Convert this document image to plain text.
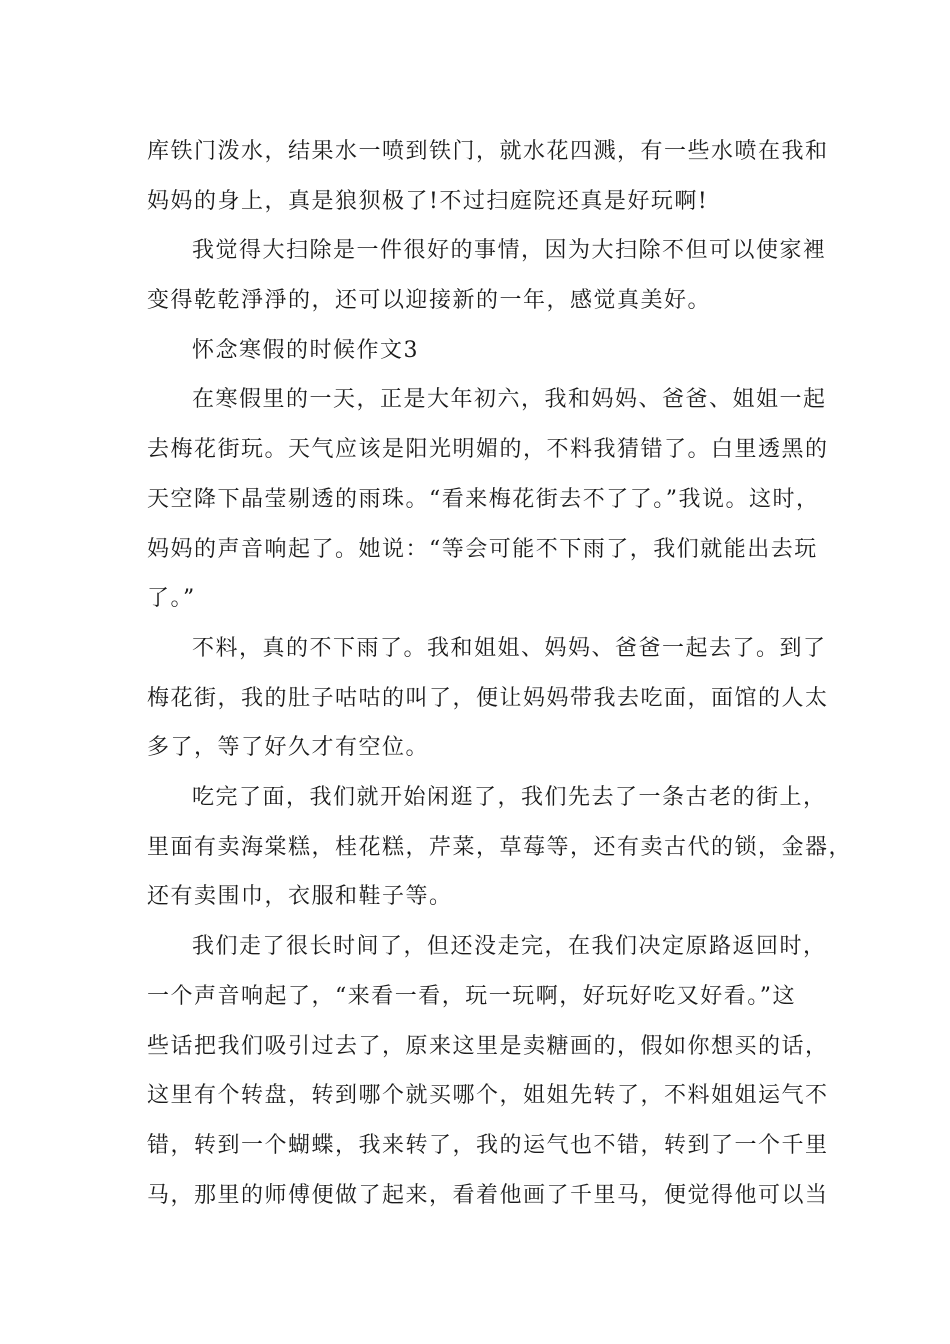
库铁门泼水，结果水一喷到铁门，就水花四溅，有一些水喷在我和
妈妈的身上，真是狼狈极了!不过扫庭院还真是好玩啊!
我觉得大扫除是一件很好的事情，因为大扫除不但可以使家裡
变得乾乾淨淨的，还可以迎接新的一年，感觉真美好。
怀念寒假的时候作文3
在寒假里的一天，正是大年初六，我和妈妈、爸爸、姐姐一起
去梅花街玩。天气应该是阳光明媚的，不料我猜错了。白里透黑的
天空降下晶莹剔透的雨珠。“看来梅花街去不了了。”我说。这时，
妈妈的声音响起了。她说：“等会可能不下雨了，我们就能出去玩
了。”
不料，真的不下雨了。我和姐姐、妈妈、爸爸一起去了。到了
梅花街，我的肚子咕咕的叫了，便让妈妈带我去吃面，面馆的人太
多了，等了好久才有空位。
吃完了面，我们就开始闲逛了，我们先去了一条古老的街上，
里面有卖海棠糕，桂花糕，芹菜，草莓等，还有卖古代的锁，金器，
还有卖围巾，衣服和鞋子等。
我们走了很长时间了，但还没走完，在我们决定原路返回时，
一个声音响起了，“来看一看，玩一玩啊，好玩好吃又好看。”这
些话把我们吸引过去了，原来这里是卖糖画的，假如你想买的话，
这里有个转盘，转到哪个就买哪个，姐姐先转了，不料姐姐运气不
错，转到一个蝴蝶，我来转了，我的运气也不错，转到了一个千里
马，那里的师傅便做了起来，看着他画了千里马，便觉得他可以当
